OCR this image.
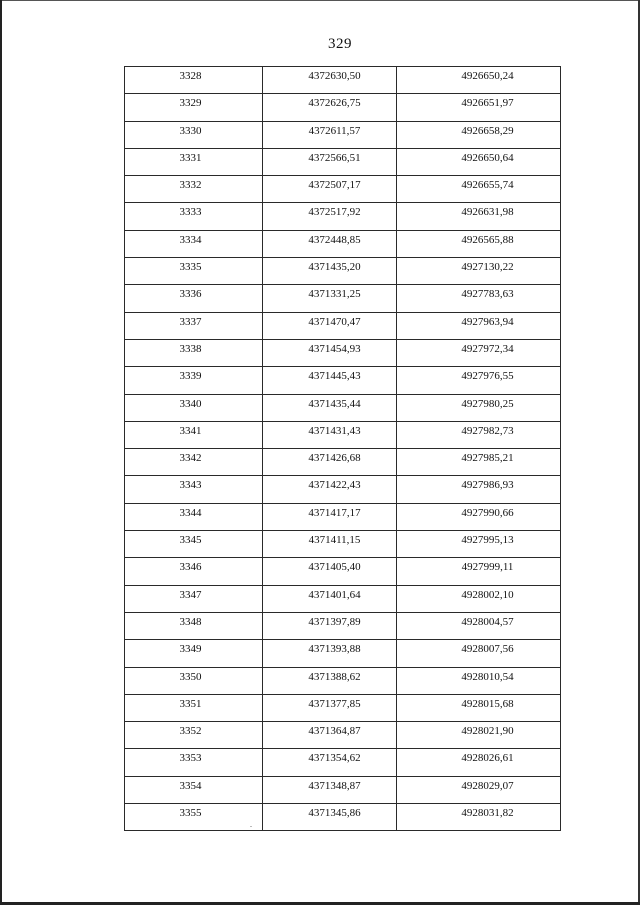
329
3328	4372630,50	4926650,24
3329	4372626,75	4926651,97
3330	4372611,57	4926658,29
3331	4372566,51	4926650,64
3332	4372507,17	4926655,74
3333	4372517,92	4926631,98
3334	4372448,85	4926565,88
3335	4371435,20	4927130,22
3336	4371331,25	4927783,63
3337	4371470,47	4927963,94
3338	4371454,93	4927972,34
3339	4371445,43	4927976,55
3340	4371435,44	4927980,25
3341	4371431,43	4927982,73
3342	4371426,68	4927985,21
3343	4371422,43	4927986,93
3344	4371417,17	4927990,66
3345	4371411,15	4927995,13
3346	4371405,40	4927999,11
3347	4371401,64	4928002,10
3348	4371397,89	4928004,57
3349	4371393,88	4928007,56
3350	4371388,62	4928010,54
3351	4371377,85	4928015,68
3352	4371364,87	4928021,90
3353	4371354,62	4928026,61
3354	4371348,87	4928029,07
3355	4371345,86	4928031,82
